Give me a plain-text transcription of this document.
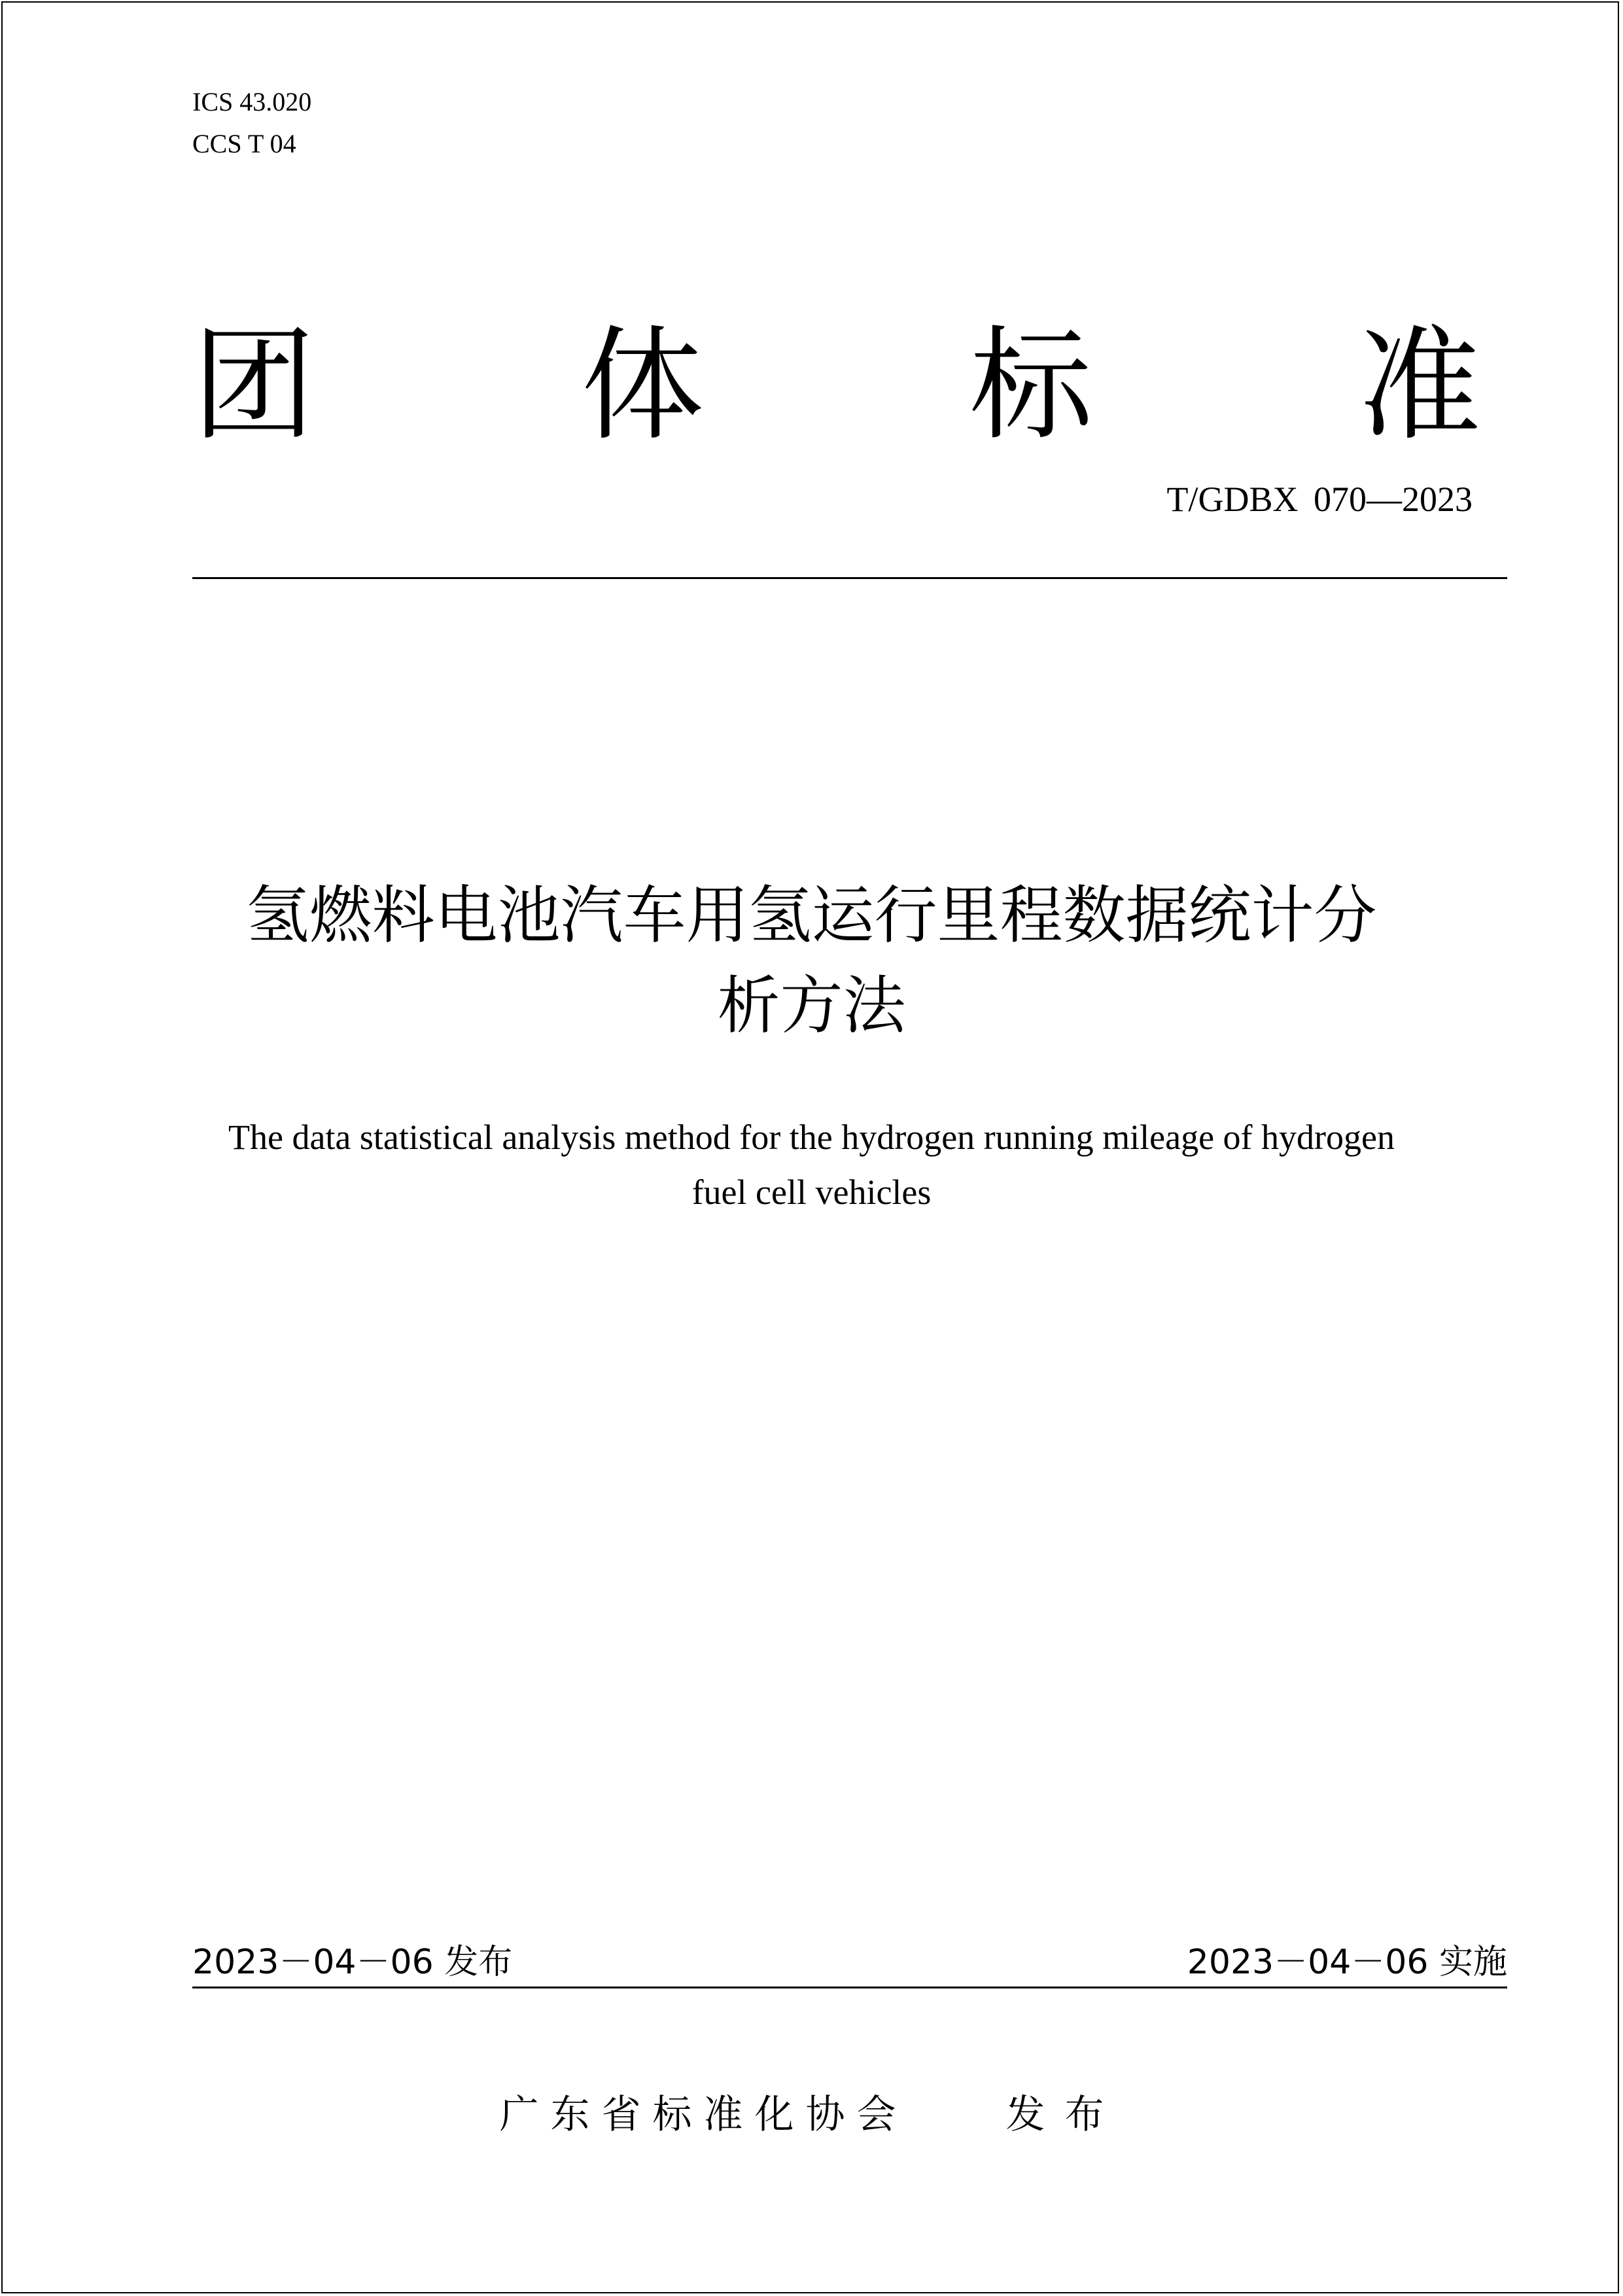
ICS 43.020
CCS T 04
团 体 标 准
T/GDBX 070—2023
氢燃料电池汽车用氢运行里程数据统计分
析方法
The data statistical analysis method for the hydrogen running mileage of hydrogen
fuel cell vehicles
2023－04－06 发布	2023－04－06 实施
广东省标准化协会	发布
